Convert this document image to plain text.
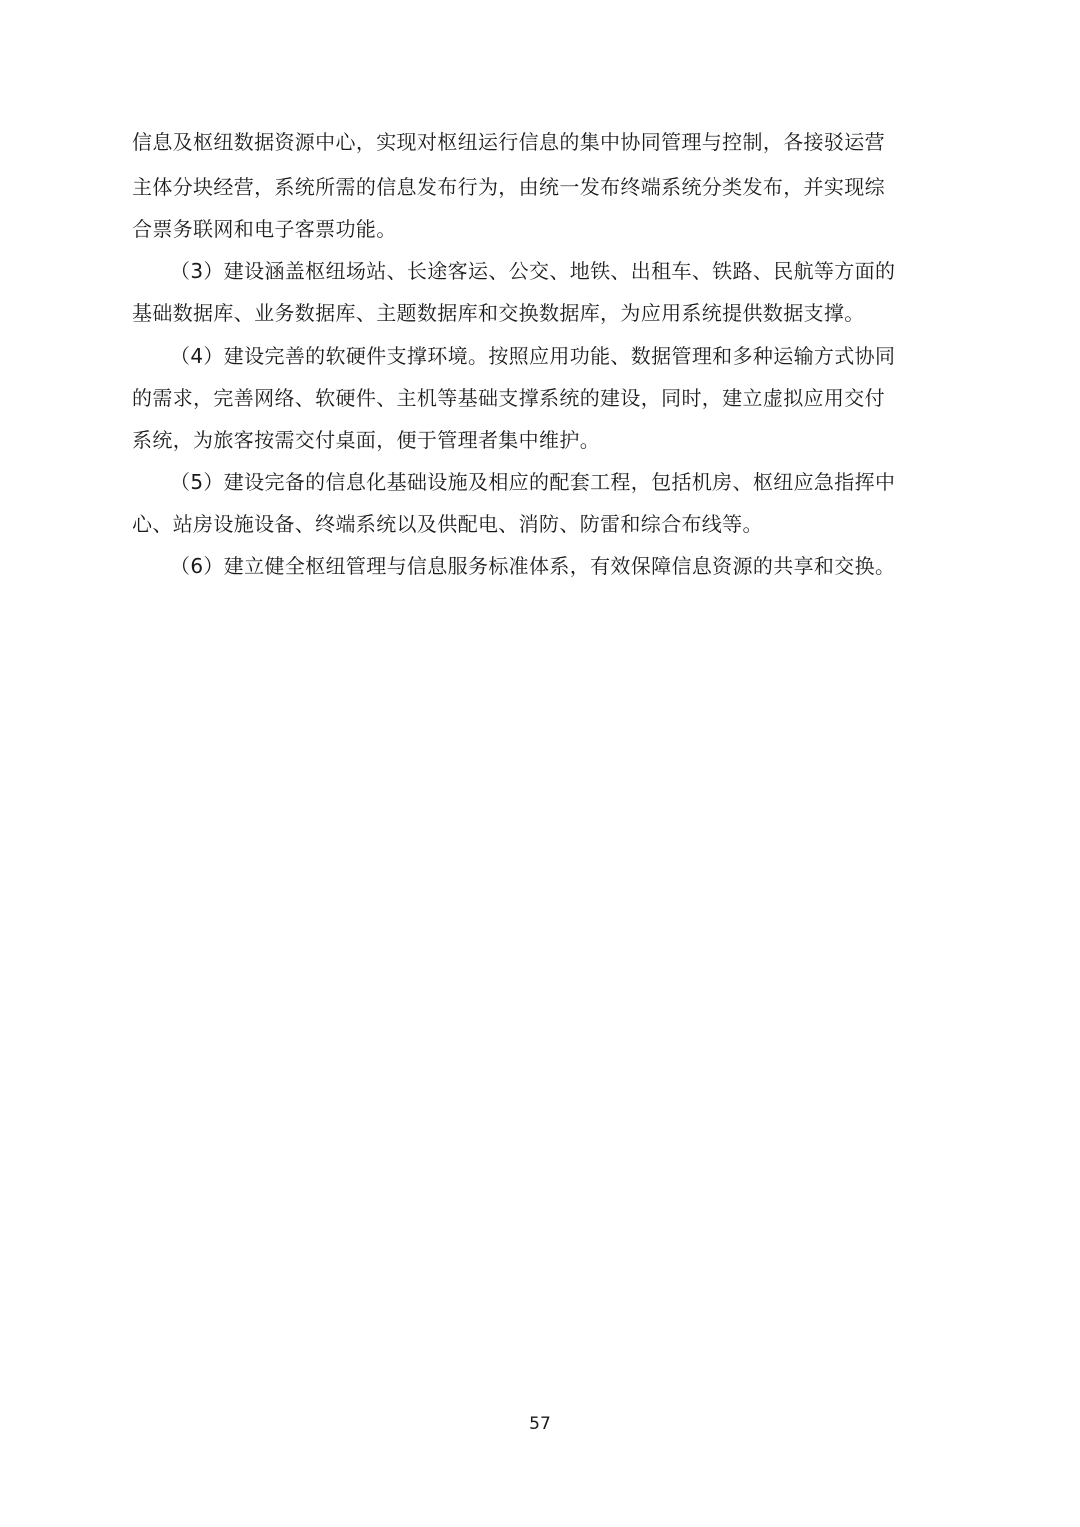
信息及枢纽数据资源中心，实现对枢纽运行信息的集中协同管理与控制，各接驳运营
主体分块经营，系统所需的信息发布行为，由统一发布终端系统分类发布，并实现综
合票务联网和电子客票功能。
（3）建设涵盖枢纽场站、长途客运、公交、地铁、出租车、铁路、民航等方面的
基础数据库、业务数据库、主题数据库和交换数据库，为应用系统提供数据支撑。
（4）建设完善的软硬件支撑环境。按照应用功能、数据管理和多种运输方式协同
的需求，完善网络、软硬件、主机等基础支撑系统的建设，同时，建立虚拟应用交付
系统，为旅客按需交付桌面，便于管理者集中维护。
（5）建设完备的信息化基础设施及相应的配套工程，包括机房、枢纽应急指挥中
心、站房设施设备、终端系统以及供配电、消防、防雷和综合布线等。
（6）建立健全枢纽管理与信息服务标准体系，有效保障信息资源的共享和交换。
57
